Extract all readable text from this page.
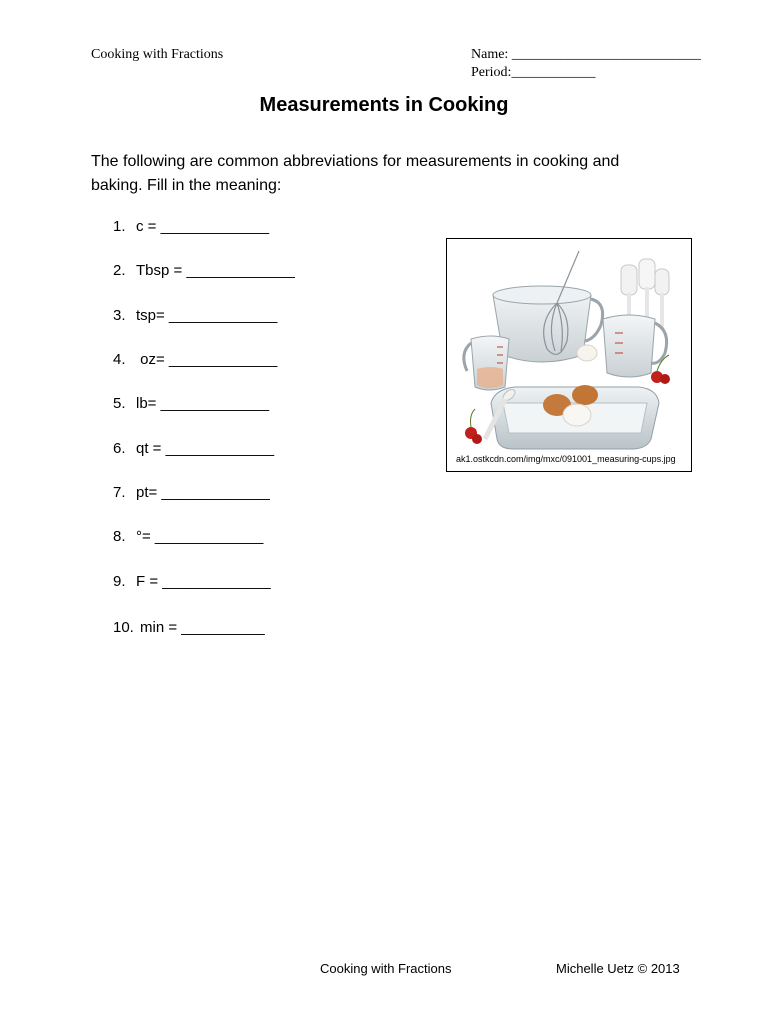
Cooking with Fractions	Name: ___________________________
Period:____________
Measurements in Cooking
The following are common abbreviations for measurements in cooking and baking. Fill in the meaning:
1. c = _____________
2. Tbsp = _____________
3. tsp= _____________
4. oz= _____________
5. lb= _____________
6. qt = _____________
7. pt= _____________
8. °= _____________
9. F = _____________
10. min = __________
ak1.ostkcdn.com/img/mxc/091001_measuring-cups.jpg
Cooking with Fractions	Michelle Uetz © 2013
